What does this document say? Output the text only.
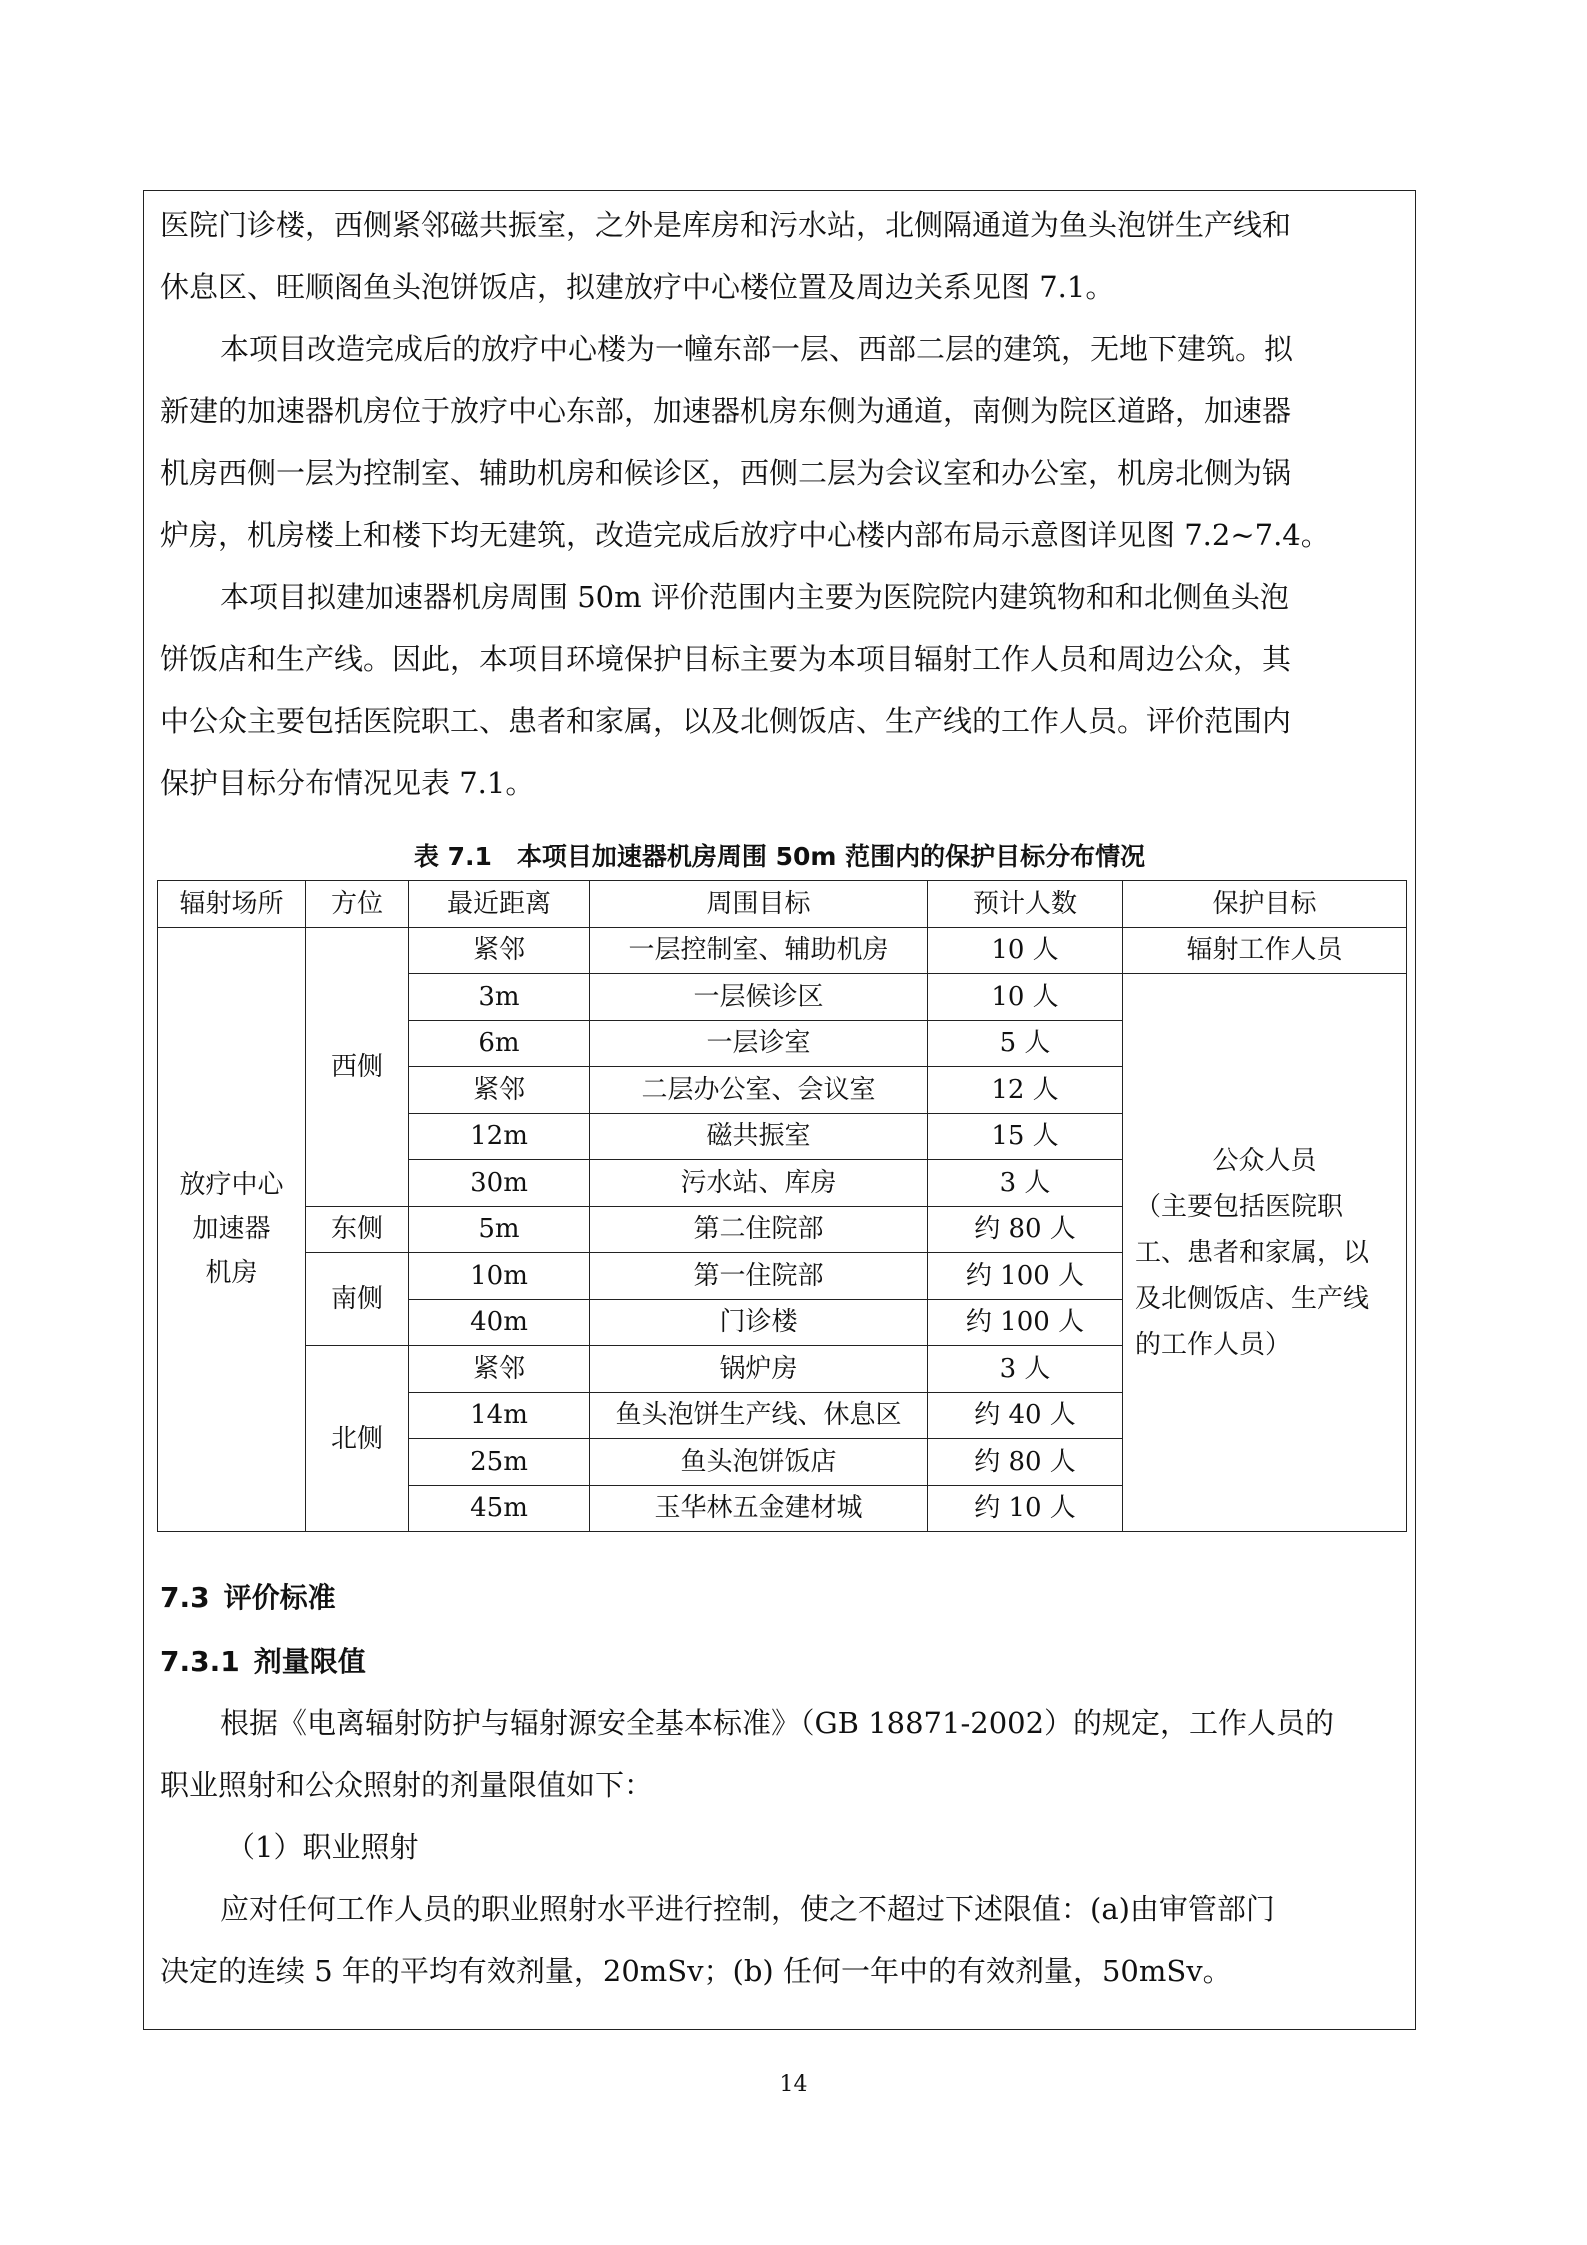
医院门诊楼，西侧紧邻磁共振室，之外是库房和污水站，北侧隔通道为鱼头泡饼生产线和
休息区、旺顺阁鱼头泡饼饭店，拟建放疗中心楼位置及周边关系见图 7.1。

本项目改造完成后的放疗中心楼为一幢东部一层、西部二层的建筑，无地下建筑。拟
新建的加速器机房位于放疗中心东部，加速器机房东侧为通道，南侧为院区道路，加速器
机房西侧一层为控制室、辅助机房和候诊区，西侧二层为会议室和办公室，机房北侧为锅
炉房，机房楼上和楼下均无建筑，改造完成后放疗中心楼内部布局示意图详见图 7.2~7.4。

本项目拟建加速器机房周围 50m 评价范围内主要为医院院内建筑物和和北侧鱼头泡
饼饭店和生产线。因此，本项目环境保护目标主要为本项目辐射工作人员和周边公众，其
中公众主要包括医院职工、患者和家属，以及北侧饭店、生产线的工作人员。评价范围内
保护目标分布情况见表 7.1。

表 7.1　本项目加速器机房周围 50m 范围内的保护目标分布情况
辐射场所	方位	最近距离	周围目标	预计人数	保护目标

放疗中心
加速器
机房	西侧	紧邻	一层控制室、辅助机房	10 人	辐射工作人员
		3m	一层候诊区	10 人	公众人员
（主要包括医院职
工、患者和家属，以
及北侧饭店、生产线
的工作人员）

		6m	一层诊室	5 人	
		紧邻	二层办公室、会议室	12 人	
		12m	磁共振室	15 人	
		30m	污水站、库房	3 人	
	东侧	5m	第二住院部	约 80 人	
	南侧	10m	第一住院部	约 100 人	
		40m	门诊楼	约 100 人	
	北侧	紧邻	锅炉房	3 人	
		14m	鱼头泡饼生产线、休息区	约 40 人	
		25m	鱼头泡饼饭店	约 80 人	
		45m	玉华林五金建材城	约 10 人	
7.3 评价标准
7.3.1 剂量限值

根据《电离辐射防护与辐射源安全基本标准》（GB 18871-2002）的规定，工作人员的
职业照射和公众照射的剂量限值如下：

（1）职业照射

应对任何工作人员的职业照射水平进行控制，使之不超过下述限值：(a)由审管部门
决定的连续 5 年的平均有效剂量，20mSv；(b) 任何一年中的有效剂量，50mSv。

14
